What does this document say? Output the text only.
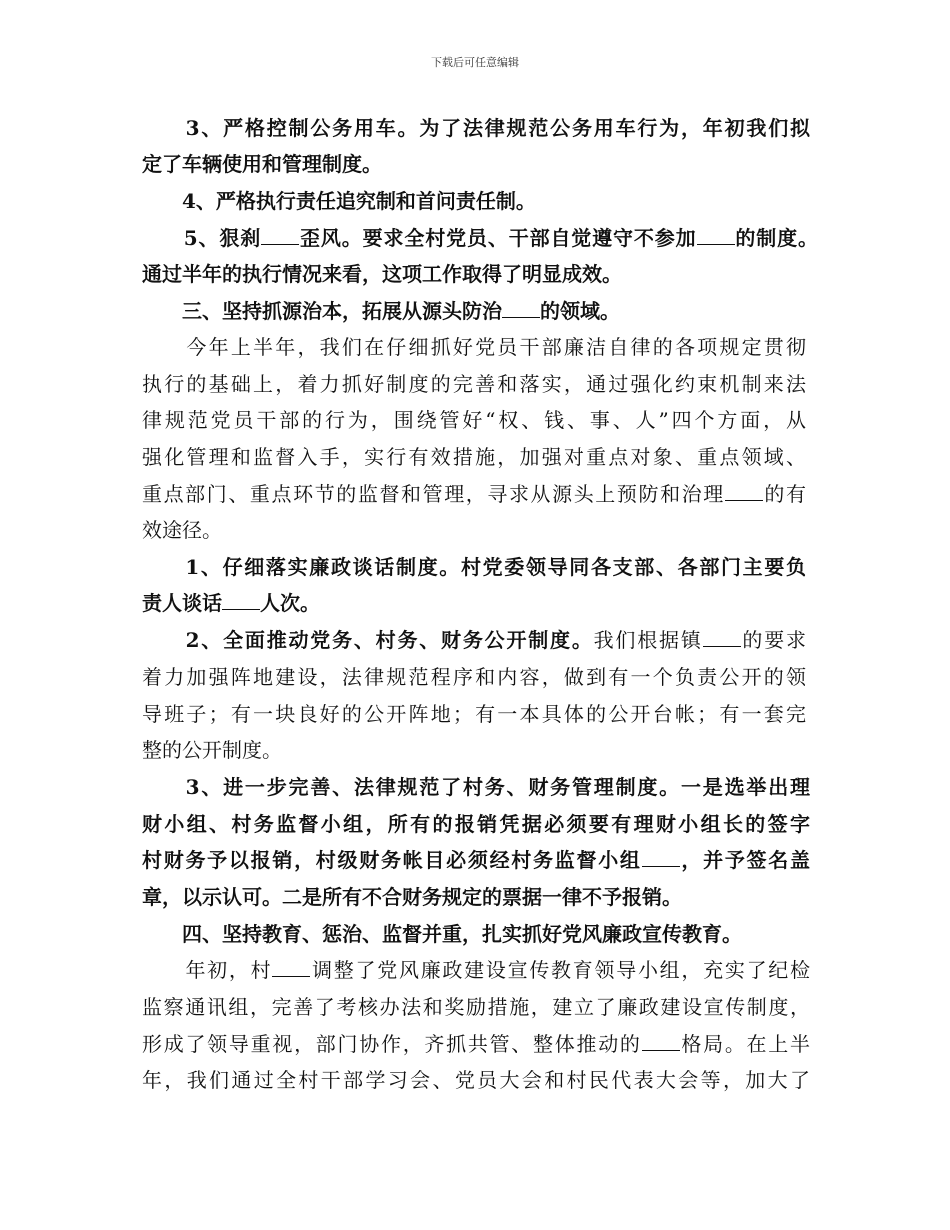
下载后可任意编辑
　　3、严格控制公务用车。为了法律规范公务用车行为，年初我们拟
定了车辆使用和管理制度。
　　4、严格执行责任追究制和首问责任制。
　　5、狠刹 歪风。要求全村党员、干部自觉遵守不参加 的制度。
通过半年的执行情况来看，这项工作取得了明显成效。
　　三、坚持抓源治本，拓展从源头防治 的领域。
　　今年上半年，我们在仔细抓好党员干部廉洁自律的各项规定贯彻
执行的基础上，着力抓好制度的完善和落实，通过强化约束机制来法
律规范党员干部的行为，围绕管好“权、钱、事、人”四个方面，从
强化管理和监督入手，实行有效措施，加强对重点对象、重点领域、
重点部门、重点环节的监督和管理，寻求从源头上预防和治理 的有
效途径。
　　1、仔细落实廉政谈话制度。村党委领导同各支部、各部门主要负
责人谈话 人次。
　　2、全面推动党务、村务、财务公开制度。我们根据镇 的要求
着力加强阵地建设，法律规范程序和内容，做到有一个负责公开的领
导班子；有一块良好的公开阵地；有一本具体的公开台帐；有一套完
整的公开制度。
　　3、进一步完善、法律规范了村务、财务管理制度。一是选举出理
财小组、村务监督小组，所有的报销凭据必须要有理财小组长的签字
村财务予以报销，村级财务帐目必须经村务监督小组 ，并予签名盖
章，以示认可。二是所有不合财务规定的票据一律不予报销。
　　四、坚持教育、惩治、监督并重，扎实抓好党风廉政宣传教育。
　　年初，村 调整了党风廉政建设宣传教育领导小组，充实了纪检
监察通讯组，完善了考核办法和奖励措施，建立了廉政建设宣传制度，
形成了领导重视，部门协作，齐抓共管、整体推动的 格局。在上半
年，我们通过全村干部学习会、党员大会和村民代表大会等，加大了
